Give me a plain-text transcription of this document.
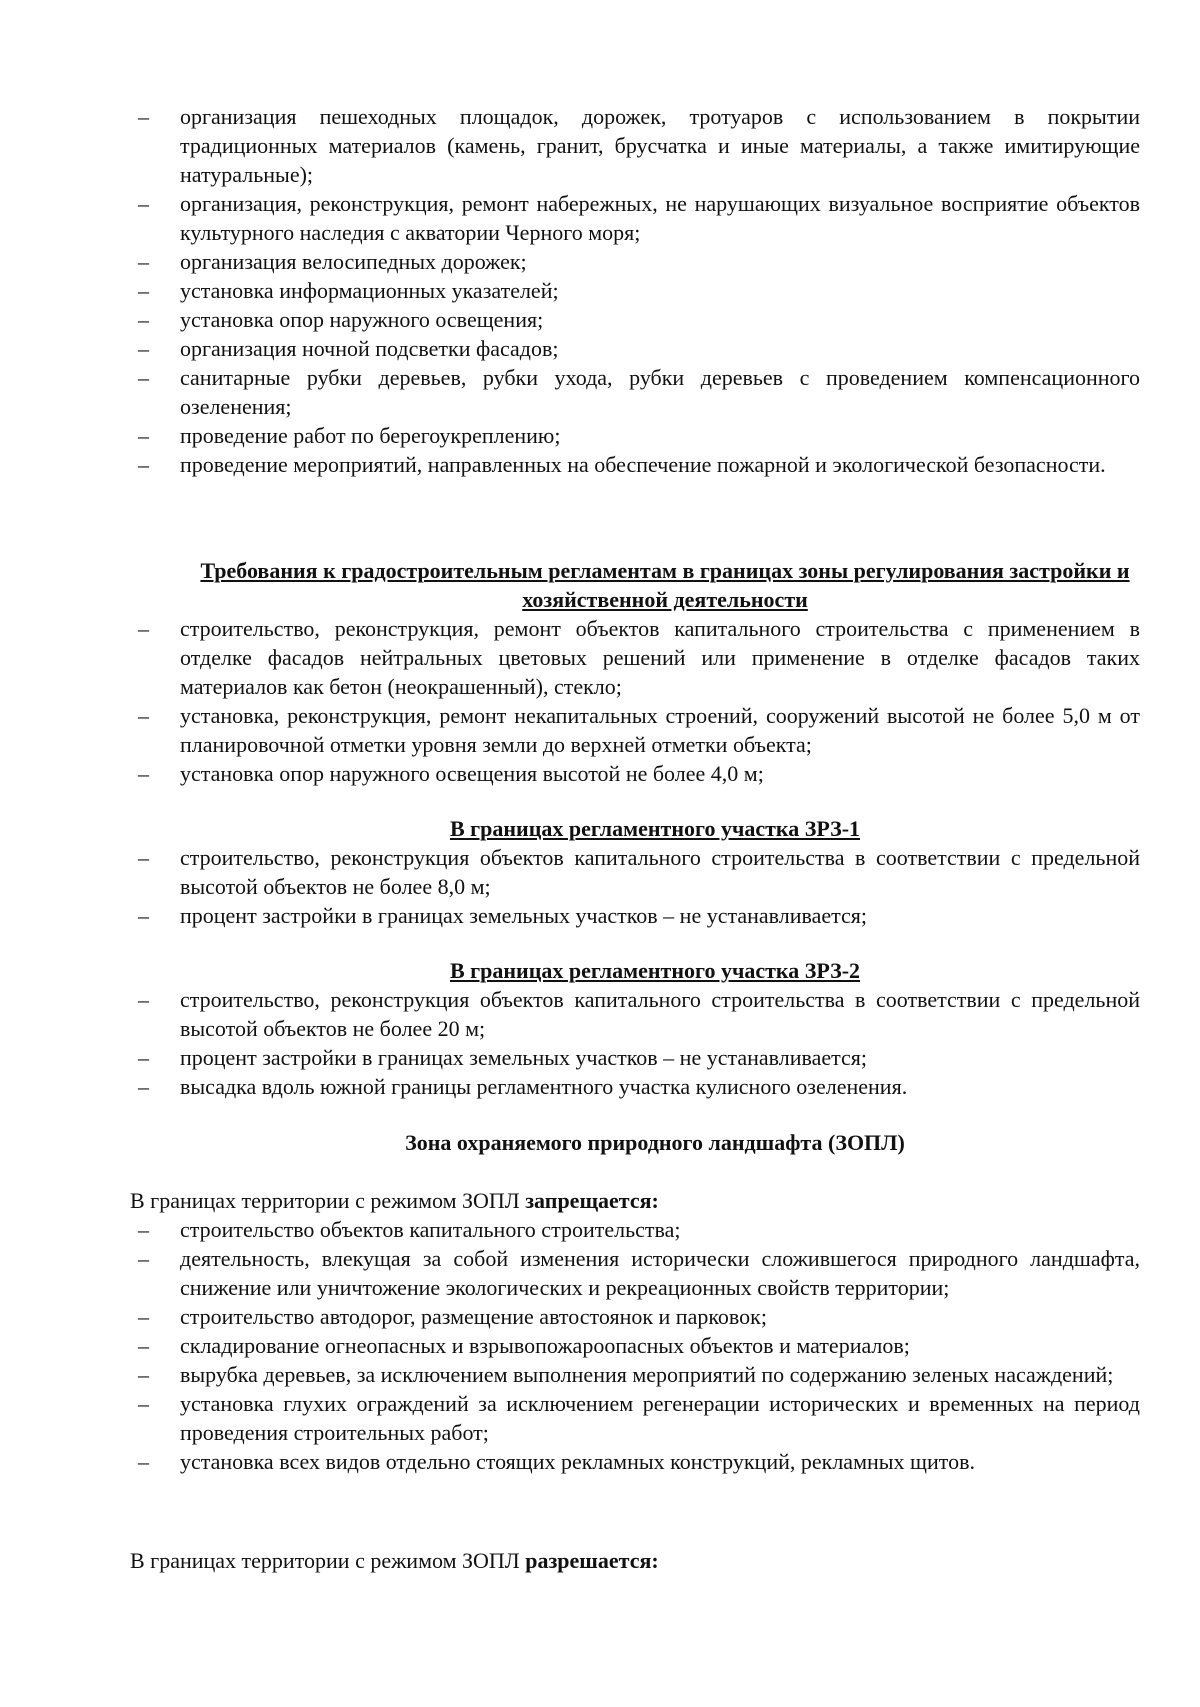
– организация пешеходных площадок, дорожек, тротуаров с использованием в покрытии традиционных материалов (камень, гранит, брусчатка и иные материалы, а также имитирующие натуральные);
– организация, реконструкция, ремонт набережных, не нарушающих визуальное восприятие объектов культурного наследия с акватории Черного моря;
– организация велосипедных дорожек;
– установка информационных указателей;
– установка опор наружного освещения;
– организация ночной подсветки фасадов;
– санитарные рубки деревьев, рубки ухода, рубки деревьев с проведением компенсационного озеленения;
– проведение работ по берегоукреплению;
– проведение мероприятий, направленных на обеспечение пожарной и экологической безопасности.

Требования к градостроительным регламентам в границах зоны регулирования застройки и хозяйственной деятельности

– строительство, реконструкция, ремонт объектов капитального строительства с применением в отделке фасадов нейтральных цветовых решений или применение в отделке фасадов таких материалов как бетон (неокрашенный), стекло;
– установка, реконструкция, ремонт некапитальных строений, сооружений высотой не более 5,0 м от планировочной отметки уровня земли до верхней отметки объекта;
– установка опор наружного освещения высотой не более 4,0 м;

В границах регламентного участка ЗРЗ-1

– строительство, реконструкция объектов капитального строительства в соответствии с предельной высотой объектов не более 8,0 м;
– процент застройки в границах земельных участков – не устанавливается;

В границах регламентного участка ЗРЗ-2

– строительство, реконструкция объектов капитального строительства в соответствии с предельной высотой объектов не более 20 м;
– процент застройки в границах земельных участков – не устанавливается;
– высадка вдоль южной границы регламентного участка кулисного озеленения.

Зона охраняемого природного ландшафта (ЗОПЛ)

В границах территории с режимом ЗОПЛ запрещается:

– строительство объектов капитального строительства;
– деятельность, влекущая за собой изменения исторически сложившегося природного ландшафта, снижение или уничтожение экологических и рекреационных свойств территории;
– строительство автодорог, размещение автостоянок и парковок;
– складирование огнеопасных и взрывопожароопасных объектов и материалов;
– вырубка деревьев, за исключением выполнения мероприятий по содержанию зеленых насаждений;
– установка глухих ограждений за исключением регенерации исторических и временных на период проведения строительных работ;
– установка всех видов отдельно стоящих рекламных конструкций, рекламных щитов.

В границах территории с режимом ЗОПЛ разрешается:
